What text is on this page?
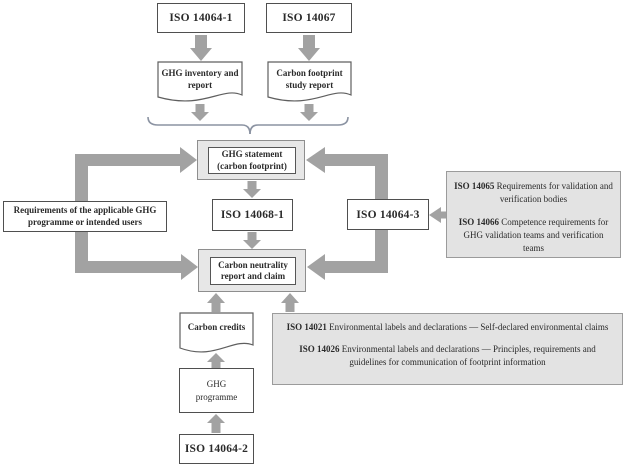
ISO 14064-1	ISO 14067
GHG inventory and report
Carbon footprint study report
GHG statement (carbon footprint)
ISO 14068-1
Requirements of the applicable GHG programme or intended users
ISO 14064-3

ISO 14065 Requirements for validation and verification bodies

ISO 14066 Competence requirements for GHG validation teams and verification teams

Carbon neutrality report and claim
Carbon credits	ISO 14021 Environmental labels and declarations — Self-declared environmental claims

ISO 14026 Environmental labels and declarations — Principles, requirements and guidelines for communication of footprint information

GHG programme
ISO 14064-2
